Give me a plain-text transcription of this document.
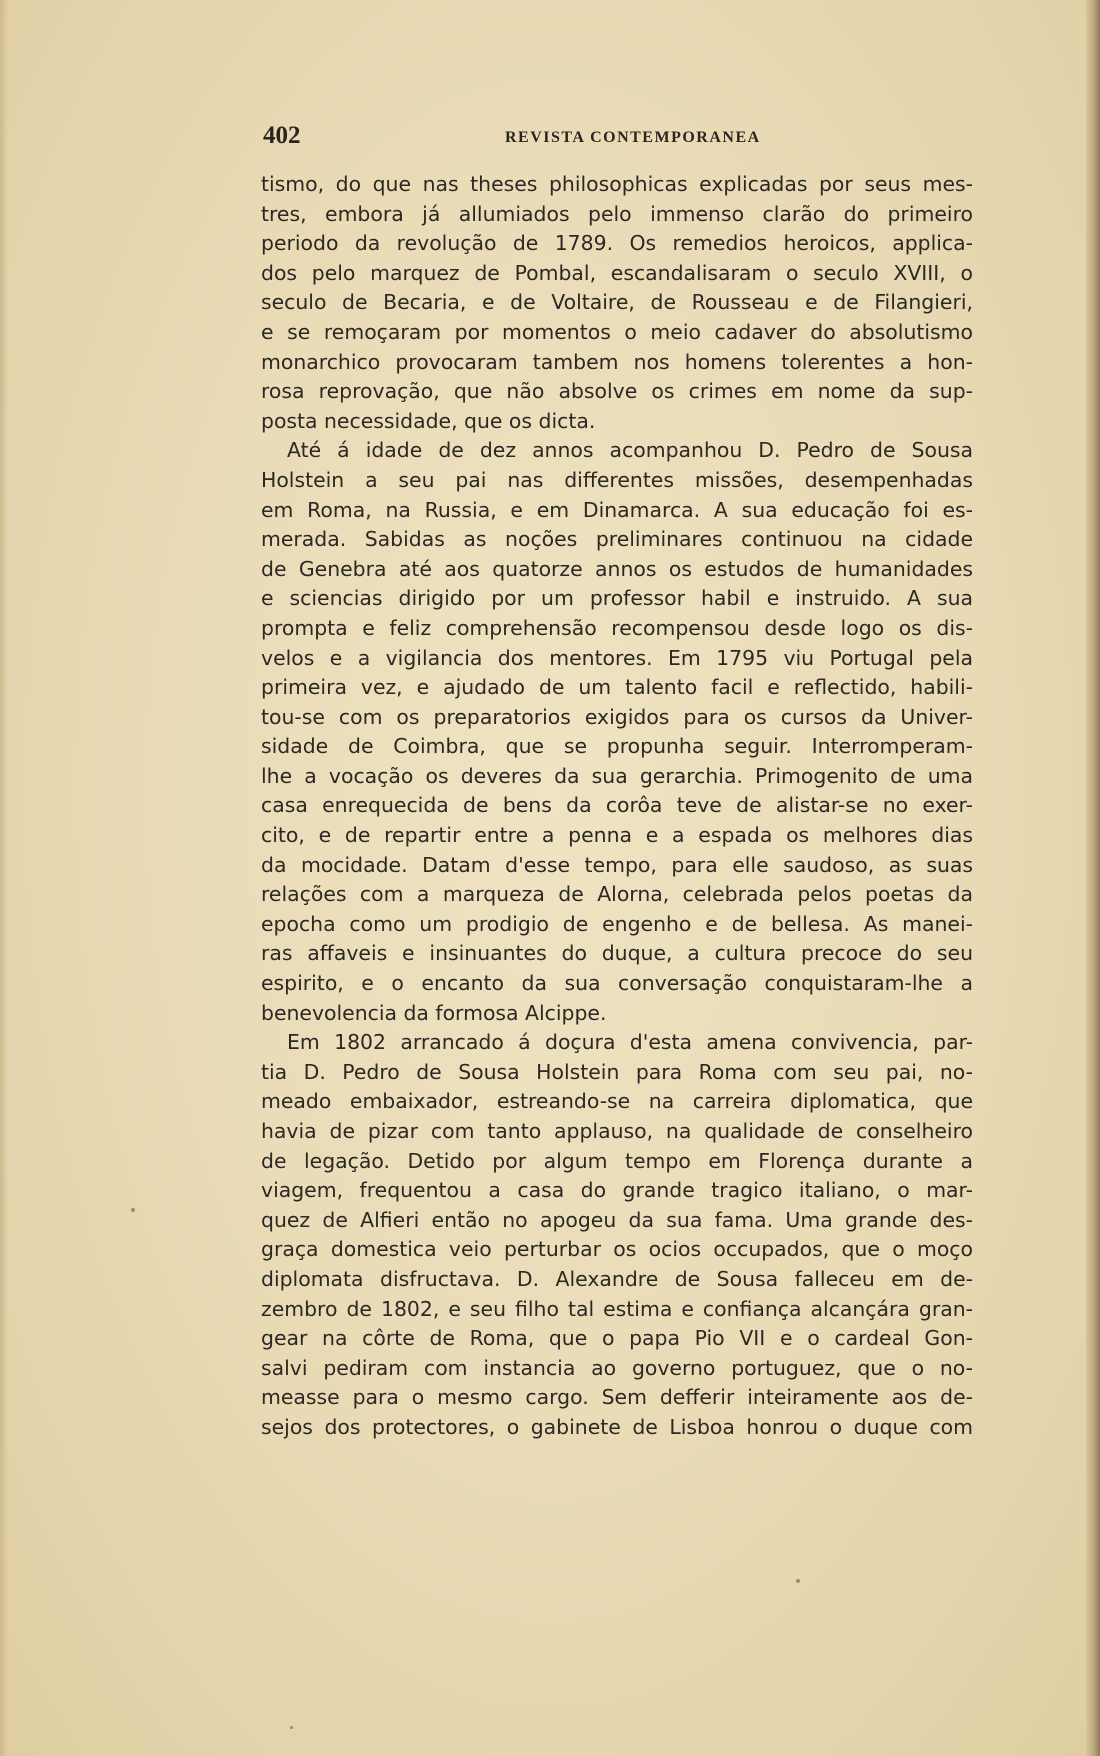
402	REVISTA CONTEMPORANEA
tismo, do que nas theses philosophicas explicadas por seus mes-
tres, embora já allumiados pelo immenso clarão do primeiro
periodo da revolução de 1789. Os remedios heroicos, applica-
dos pelo marquez de Pombal, escandalisaram o seculo XVIII, o
seculo de Becaria, e de Voltaire, de Rousseau e de Filangieri,
e se remoçaram por momentos o meio cadaver do absolutismo
monarchico provocaram tambem nos homens tolerentes a hon-
rosa reprovação, que não absolve os crimes em nome da sup-
posta necessidade, que os dicta.
Até á idade de dez annos acompanhou D. Pedro de Sousa
Holstein a seu pai nas differentes missões, desempenhadas
em Roma, na Russia, e em Dinamarca. A sua educação foi es-
merada. Sabidas as noções preliminares continuou na cidade
de Genebra até aos quatorze annos os estudos de humanidades
e sciencias dirigido por um professor habil e instruido. A sua
prompta e feliz comprehensão recompensou desde logo os dis-
velos e a vigilancia dos mentores. Em 1795 viu Portugal pela
primeira vez, e ajudado de um talento facil e reflectido, habili-
tou-se com os preparatorios exigidos para os cursos da Univer-
sidade de Coimbra, que se propunha seguir. Interromperam-
lhe a vocação os deveres da sua gerarchia. Primogenito de uma
casa enrequecida de bens da corôa teve de alistar-se no exer-
cito, e de repartir entre a penna e a espada os melhores dias
da mocidade. Datam d'esse tempo, para elle saudoso, as suas
relações com a marqueza de Alorna, celebrada pelos poetas da
epocha como um prodigio de engenho e de bellesa. As manei-
ras affaveis e insinuantes do duque, a cultura precoce do seu
espirito, e o encanto da sua conversação conquistaram-lhe a
benevolencia da formosa Alcippe.
Em 1802 arrancado á doçura d'esta amena convivencia, par-
tia D. Pedro de Sousa Holstein para Roma com seu pai, no-
meado embaixador, estreando-se na carreira diplomatica, que
havia de pizar com tanto applauso, na qualidade de conselheiro
de legação. Detido por algum tempo em Florença durante a
viagem, frequentou a casa do grande tragico italiano, o mar-
quez de Alfieri então no apogeu da sua fama. Uma grande des-
graça domestica veio perturbar os ocios occupados, que o moço
diplomata disfructava. D. Alexandre de Sousa falleceu em de-
zembro de 1802, e seu filho tal estima e confiança alcançára gran-
gear na côrte de Roma, que o papa Pio VII e o cardeal Gon-
salvi pediram com instancia ao governo portuguez, que o no-
measse para o mesmo cargo. Sem defferir inteiramente aos de-
sejos dos protectores, o gabinete de Lisboa honrou o duque com
